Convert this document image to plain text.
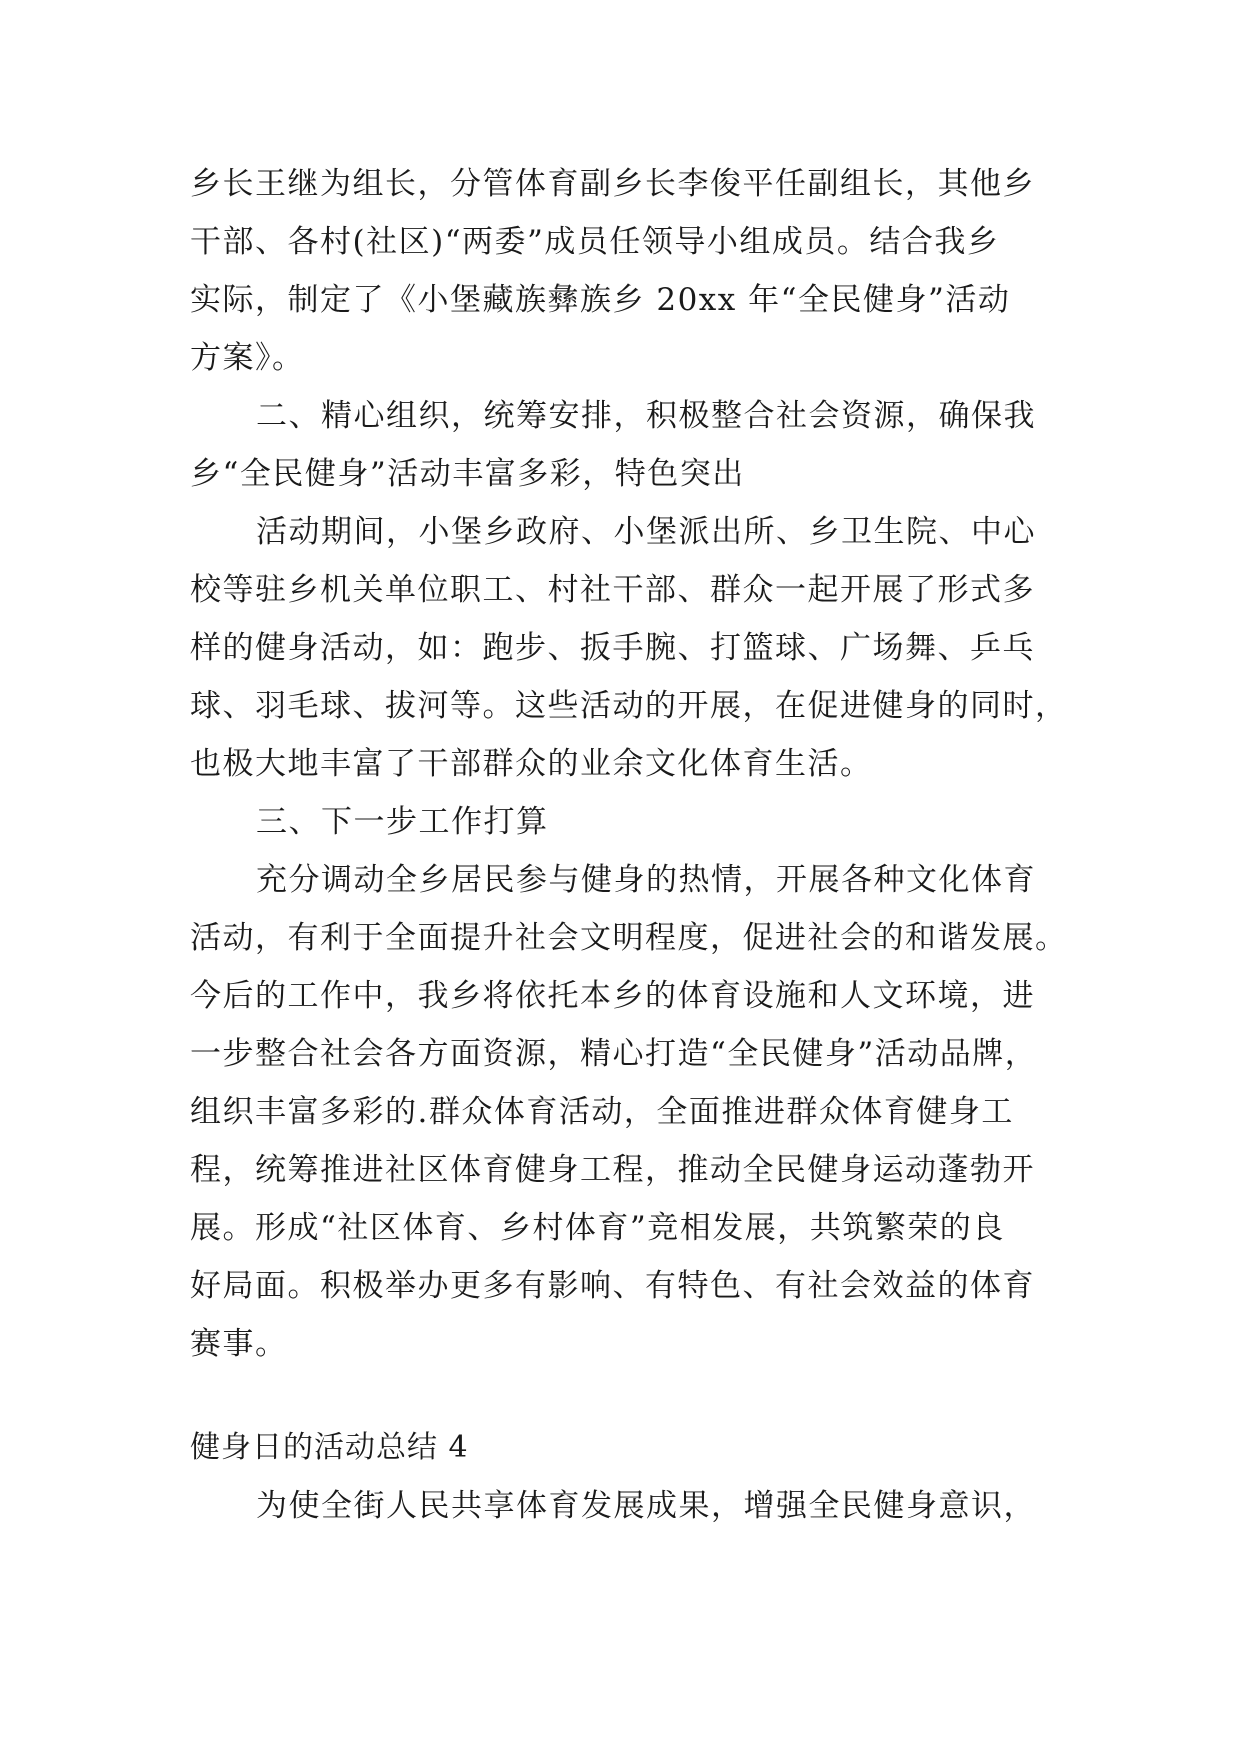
乡长王继为组长，分管体育副乡长李俊平任副组长，其他乡
干部、各村(社区)“两委”成员任领导小组成员。结合我乡
实际，制定了《小堡藏族彝族乡 20xx 年“全民健身”活动
方案》。
二、精心组织，统筹安排，积极整合社会资源，确保我
乡“全民健身”活动丰富多彩，特色突出
活动期间，小堡乡政府、小堡派出所、乡卫生院、中心
校等驻乡机关单位职工、村社干部、群众一起开展了形式多
样的健身活动，如：跑步、扳手腕、打篮球、广场舞、乒乓
球、羽毛球、拔河等。这些活动的开展，在促进健身的同时，
也极大地丰富了干部群众的业余文化体育生活。
三、下一步工作打算
充分调动全乡居民参与健身的热情，开展各种文化体育
活动，有利于全面提升社会文明程度，促进社会的和谐发展。
今后的工作中，我乡将依托本乡的体育设施和人文环境，进
一步整合社会各方面资源，精心打造“全民健身”活动品牌，
组织丰富多彩的.群众体育活动，全面推进群众体育健身工
程，统筹推进社区体育健身工程，推动全民健身运动蓬勃开
展。形成“社区体育、乡村体育”竞相发展，共筑繁荣的良
好局面。积极举办更多有影响、有特色、有社会效益的体育
赛事。
健身日的活动总结 4
为使全街人民共享体育发展成果，增强全民健身意识，
